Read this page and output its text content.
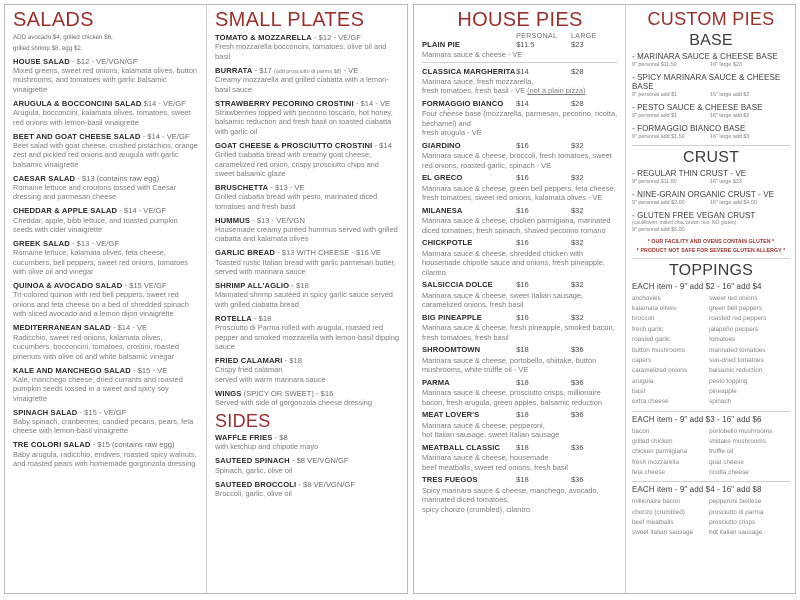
SALADS
ADD avocado $4, grilled chicken $6,
grilled shrimp $8, egg $2.
HOUSE SALAD - $12 - VE/VGN/GF
Mixed greens, sweet red onions, kalamata olives, button mushrooms, and tomatoes with garlic balsamic vinaigrette
ARUGULA & BOCCONCINI SALAD $14 - VE/GF
Arugula, bocconcini, kalamata olives, tomatoes, sweet red onions with lemon-basil vinaigrette
BEET AND GOAT CHEESE SALAD - $14 - VE/GF
Beet salad with goat cheese, crushed pistachios, orange zest and pickled red onions and arugula with garlic balsamic vinaigrette
CAESAR SALAD - $13 (contains raw egg)
Romaine lettuce and croutons tossed with Caesar dressing and parmesan cheese
CHEDDAR & APPLE SALAD - $14 - VE/GF
Cheddar, apple, bibb lettuce, and toasted pumpkin seeds with cider vinaigrette
GREEK SALAD - $13 - VE/GF
Romaine lettuce, kalamata olives, feta cheese, cucumbers, bell peppers, sweet red onions, tomatoes with olive oil and vinegar
QUINOA & AVOCADO SALAD - $15 VE/GF
Tri-colored quinoa with red bell peppers, sweet red onions and feta cheese on a bed of shredded spinach with sliced avocado and a lemon dijon vinaigrette
MEDITERRANEAN SALAD - $14 - VE
Radicchio, sweet red onions, kalamata olives, cucumbers, bocconcini, tomatoes, crostini, roasted pinenuts with olive oil and white balsamic vinegar
KALE AND MANCHEGO SALAD - $15 - VE
Kale, manchego cheese, dried currants and roasted pumpkin seeds tossed in a sweet and spicy soy vinaigrette
SPINACH SALAD - $15 - VE/GF
Baby spinach, cranberries, candied pecans, pears, feta cheese with lemon-basil vinaigrette
TRE COLORI SALAD - $15 (contains raw egg)
Baby arugula, radicchio, endives, roasted spicy walnuts, and roasted pears with homemade gorgonzola dressing
SMALL PLATES
TOMATO & MOZZARELLA - $12 - VE/GF
Fresh mozzarella bocconcini, tomatoes, olive oil and basil
BURRATA - $17 (add prosciutto di parma $8) - VE
Creamy mozzarella and grilled ciabatta with a lemon-basil sauce
STRAWBERRY PECORINO CROSTINI - $14 - VE
Strawberries topped with pecorino toscano, hot honey, balsamic reduction and fresh basil on toasted ciabatta with garlic oil
GOAT CHEESE & PROSCIUTTO CROSTINI - $14
Grilled ciabatta bread with creamy goat cheese, caramelized red onion, crispy prosciutto chips and sweet balsamic glaze
BRUSCHETTA - $13 - VE
Grilled ciabatta bread with pesto, marinated diced tomatoes and fresh basil
HUMMUS - $13 - VE/VGN
Housemade creamy puréed hummus served with grilled ciabatta and kalamata olives
GARLIC BREAD - $13 WITH CHEESE - $16 VE
Toasted rustic Italian bread with garlic parmesan butter, served with marinara sauce
SHRIMP ALL'AGLIO - $18
Marinated shrimp sautéed in spicy garlic sauce served with grilled ciabatta bread
ROTELLA - $18
Prosciutto di Parma rolled with arugula, roasted red pepper and smoked mozzarella with lemon-basil dipping sauce
FRIED CALAMARI - $18
Crispy fried calamari
served with warm marinara sauce
WINGS (SPICY OR SWEET) - $16
Served with side of gorgonzola cheese dressing
SIDES
WAFFLE FRIES - $8
with ketchup and chipotle mayo
SAUTEED SPINACH - $8 VE/VGN/GF
Spinach, garlic, olive oil
SAUTEED BROCCOLI - $8 VE/VGN/GF
Broccoli, garlic, olive oil
HOUSE PIES
PERSONAL	LARGE
PLAIN PIE	$11.5	$23
Marinara sauce & cheese - VE
CLASSICA MARGHERITA $14	$28
Marinara sauce, fresh mozzarella,
fresh tomatoes, fresh basil - VE (not a plain pizza)
FORMAGGIO BIANCO	$14	$28
Four cheese base (mozzarella, parmesan, pecorino, ricotta, béchamel) and
fresh arugula - VE
GIARDINO	$16	$32
Marinara sauce & cheese, broccoli, fresh tomatoes, sweet red onions, roasted garlic, spinach - VE
EL GRECO	$16	$32
Marinara sauce & cheese, green bell peppers, feta cheese, fresh tomatoes, sweet red onions, kalamata olives - VE
MILANESA	$16	$32
Marinara sauce & cheese, chicken parmigiana, marinated diced tomatoes, fresh spinach, shaved pecorino romano
CHICKPOTLE	$16	$32
Marinara sauce & cheese, shredded chicken with housemade chipotle sauce and onions, fresh pineapple, cilantro
SALSICCIA DOLCE	$16	$32
Marinara sauce & cheese, sweet Italian sausage, caramelized onions, fresh basil
BIG PINEAPPLE	$16	$32
Marinara sauce & cheese, fresh pineapple, smoked bacon, fresh tomatoes, fresh basil
SHROOMTOWN	$18	$36
Marinara sauce & cheese, portobello, shiitake, button mushrooms, white truffle oil - VE
PARMA	$18	$36
Marinara sauce & cheese, prosciutto crisps, millionaire bacon, fresh arugula, green apples, balsamic reduction
MEAT LOVER'S	$18	$36
Marinara sauce & cheese, pepperoni,
hot Italian sausage, sweet Italian sausage
MEATBALL CLASSIC	$18	$36
Marinara sauce & cheese, housemade
beef meatballs, sweet red onions, fresh basil
TRES FUEGOS	$18	$36
Spicy marinara sauce & cheese, manchego, avocado, marinated diced tomatoes,
spicy chorizo (crumbled), cilantro
CUSTOM PIES
BASE
- MARINARA SAUCE & CHEESE BASE
9" personal $11.50	16" large $23
- SPICY MARINARA SAUCE & CHEESE BASE
9" personal add $1	16" large add $2
- PESTO SAUCE & CHEESE BASE
9" personal add $1	16" large add $2
- FORMAGGIO BIANCO BASE
9" personal add $1.50	16" large add $3
CRUST
- REGULAR THIN CRUST - VE
9" personal $11.50	16" large $23
- NINE-GRAIN ORGANIC CRUST - VE
9" personal add $2.00	16" large add $4.00
- GLUTEN FREE VEGAN CRUST
(cauliflower, milled chia, brown rice, NO gluten)
9" personal add $5.00
* OUR FACILITY AND OVENS CONTAIN GLUTEN *
* PRODUCT NOT SAFE FOR SEVERE GLUTEN ALLERGY *
TOPPINGS
EACH item - 9" add $2 - 16" add $4
anchovies
kalamata olives
broccoli
fresh garlic
roasted garlic
button mushrooms
capers
caramelized onions
arugula
basil
extra cheese
sweet red onions
green bell peppers
roasted red peppers
jalapeño peppers
tomatoes
marinated tomatoes
sun-dried tomatoes
balsamic reduction
pesto topping
pineapple
spinach
EACH item - 9" add $3 - 16" add $6
bacon
grilled chicken
chicken parmigiana
fresh mozzarella
feta cheese
portobello mushrooms
shiitake mushrooms
truffle oil
goat cheese
ricotta cheese
EACH item - 9" add $4 - 16" add $8
millionaire bacon
chorizo (crumbled)
beef meatballs
sweet italian sausage
pepperoni bieIlese
prosciutto di parma
prosciutto crisps
hot italian sausage
